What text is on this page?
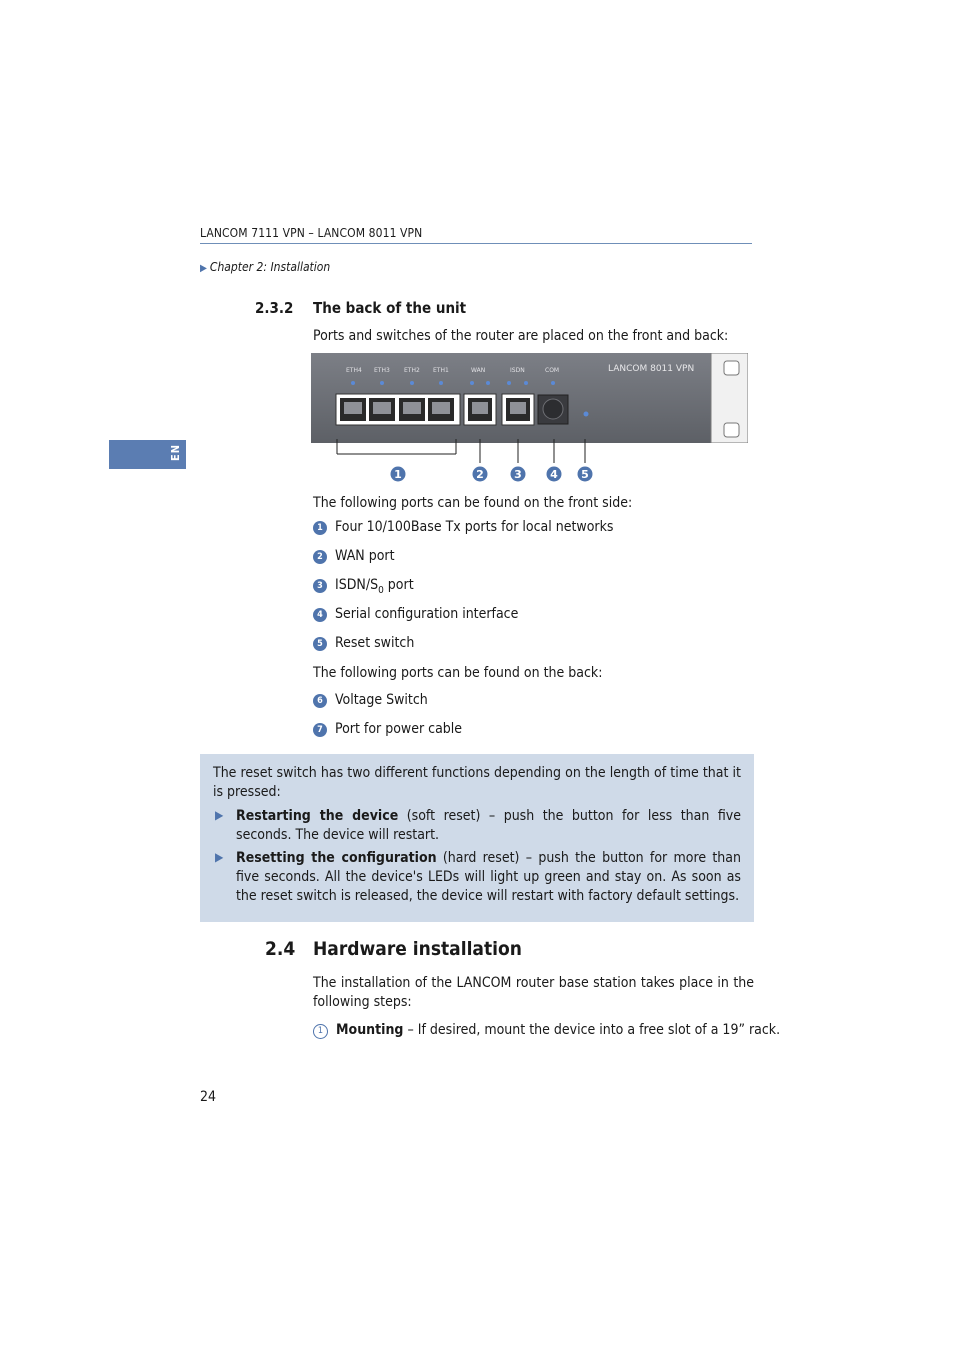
LANCOM 7111 VPN – LANCOM 8011 VPN
▶ Chapter 2: Installation
EN
2.3.2 The back of the unit
Ports and switches of the router are placed on the front and back:
LANCOM 8011 VPN
ETH4 ETH3 ETH2 ETH1	WAN	ISDN	COM
1	2	3	4 5
The following ports can be found on the front side:
1 Four 10/100Base Tx ports for local networks
2 WAN port
3 ISDN/$S_0$ port
4 Serial configuration interface
5 Reset switch
The following ports can be found on the back:
6 Voltage Switch
7 Port for power cable
The reset switch has two different functions depending on the length of time that it is pressed:
▶ Restarting the device (soft reset) – push the button for less than five seconds. The device will restart.
▶ Resetting the configuration (hard reset) – push the button for more than five seconds. All the device's LEDs will light up green and stay on. As soon as the reset switch is released, the device will restart with factory default settings.
2.4 Hardware installation
The installation of the LANCOM router base station takes place in the following steps:
1 Mounting – If desired, mount the device into a free slot of a 19” rack.
24
